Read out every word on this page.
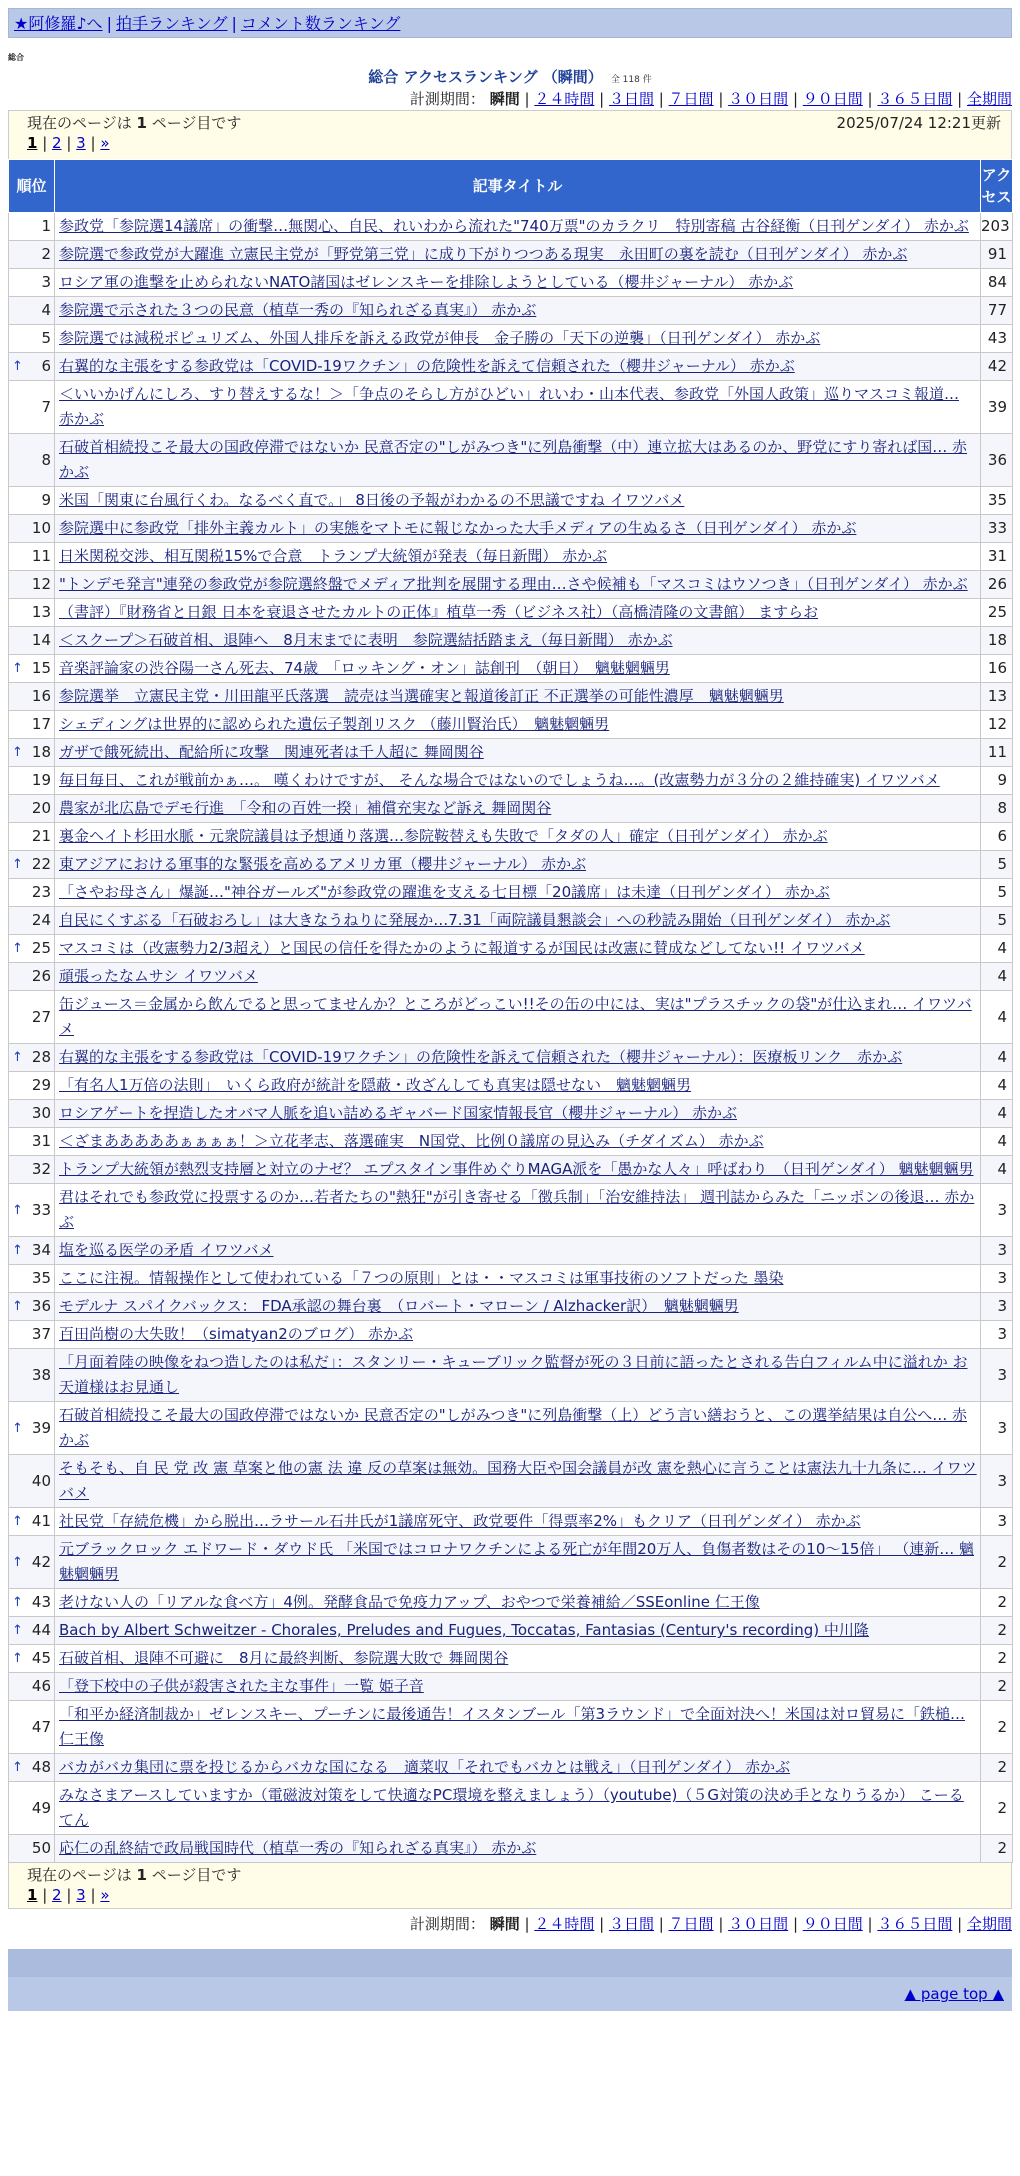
★阿修羅♪へ | 拍手ランキング | コメント数ランキング
総合
総合 アクセスランキング （瞬間） 全 118 件
計測期間： 瞬間 | ２４時間 | ３日間 | ７日間 | ３０日間 | ９０日間 | ３６５日間 | 全期間
現在のページは 1 ページ目です	2025/07/24 12:21更新
1 | 2 | 3 | »
順位	記事タイトル	アクセス
1	参政党「参院選14議席」の衝撃…無関心、自民、れいわから流れた"740万票"のカラクリ　特別寄稿 古谷経衡（日刊ゲンダイ） 赤かぶ	203
2	参院選で参政党が大躍進 立憲民主党が「野党第三党」に成り下がりつつある現実　永田町の裏を読む（日刊ゲンダイ） 赤かぶ	91
3	ロシア軍の進撃を止められないNATO諸国はゼレンスキーを排除しようとしている（櫻井ジャーナル） 赤かぶ	84
4	参院選で示された３つの民意（植草一秀の『知られざる真実』） 赤かぶ	77
5	参院選では減税ポピュリズム、外国人排斥を訴える政党が伸長　金子勝の「天下の逆襲」（日刊ゲンダイ） 赤かぶ	43

↑ 6	右翼的な主張をする参政党は「COVID-19ワクチン」の危険性を訴えて信頼された（櫻井ジャーナル） 赤かぶ	42
7	＜いいかげんにしろ、すり替えするな！＞「争点のそらし方がひどい」れいわ・山本代表、参政党「外国人政策」巡りマスコミ報道… 赤かぶ	39
8	石破首相続投こそ最大の国政停滞ではないか 民意否定の"しがみつき"に列島衝撃（中）連立拡大はあるのか、野党にすり寄れば国… 赤かぶ	36
9	米国「関東に台風行くわ。なるべく直で。」 8日後の予報がわかるの不思議ですね イワツバメ	35
10	参院選中に参政党「排外主義カルト」の実態をマトモに報じなかった大手メディアの生ぬるさ（日刊ゲンダイ） 赤かぶ	33
11	日米関税交渉、相互関税15%で合意　トランプ大統領が発表（毎日新聞） 赤かぶ	31
12	"トンデモ発言"連発の参政党が参院選終盤でメディア批判を展開する理由…さや候補も「マスコミはウソつき」（日刊ゲンダイ） 赤かぶ	26
13	（書評）『財務省と日銀 日本を衰退させたカルトの正体』植草一秀（ビジネス社）（高橋清隆の文書館） ますらお	25
14	＜スクープ＞石破首相、退陣へ　8月末までに表明　参院選結括踏まえ（毎日新聞） 赤かぶ	18

↑ 15	音楽評論家の渋谷陽一さん死去、74歳　「ロッキング・オン」誌創刊　（朝日）　魑魅魍魎男	16
16	参院選挙　立憲民主党・川田龍平氏落選　読売は当選確実と報道後訂正 不正選挙の可能性濃厚　魑魅魍魎男	13
17	シェディングは世界的に認められた遺伝子製剤リスク （藤川賢治氏）　魑魅魍魎男	12

↑ 18	ガザで餓死続出、配給所に攻撃　関連死者は千人超に 舞岡関谷	11
19	毎日毎日、これが戦前かぁ…。 嘆くわけですが、 そんな場合ではないのでしょうね…。(改憲勢力が３分の２維持確実) イワツバメ	9
20	農家が北広島でデモ行進　「令和の百姓一揆」補償充実など訴え 舞岡関谷	8
21	裏金ヘイト杉田水脈・元衆院議員は予想通り落選…参院鞍替えも失敗で「タダの人」確定（日刊ゲンダイ） 赤かぶ	6

↑ 22	東アジアにおける軍事的な緊張を高めるアメリカ軍（櫻井ジャーナル） 赤かぶ	5
23	「さやお母さん」爆誕…"神谷ガールズ"が参政党の躍進を支える七目標「20議席」は未達（日刊ゲンダイ） 赤かぶ	5
24	自民にくすぶる「石破おろし」は大きなうねりに発展か…7.31「両院議員懇談会」への秒読み開始（日刊ゲンダイ） 赤かぶ	5

↑ 25	マスコミは（改憲勢力2/3超え）と国民の信任を得たかのように報道するが国民は改憲に賛成などしてない!! イワツバメ	4
26	頑張ったなムサシ イワツバメ	4
27	缶ジュース＝金属から飲んでると思ってませんか？ところがどっこい!!その缶の中には、実は"プラスチックの袋"が仕込まれ… イワツバメ	4

↑ 28	右翼的な主張をする参政党は「COVID-19ワクチン」の危険性を訴えて信頼された（櫻井ジャーナル）：医療板リンク　赤かぶ	4
29	「有名人1万倍の法則」　いくら政府が統計を隠蔽・改ざんしても真実は隠せない　魑魅魍魎男	4
30	ロシアゲートを捏造したオバマ人脈を追い詰めるギャバード国家情報長官（櫻井ジャーナル） 赤かぶ	4
31	＜ざまあああああぁぁぁぁ！＞立花孝志、落選確実　N国党、比例０議席の見込み（チダイズム） 赤かぶ	4
32	トランプ大統領が熱烈支持層と対立のナゼ？ エプスタイン事件めぐりMAGA派を「愚かな人々」呼ばわり　（日刊ゲンダイ） 魑魅魍魎男	4

↑ 33	君はそれでも参政党に投票するのか…若者たちの"熱狂"が引き寄せる「徴兵制」「治安維持法」 週刊誌からみた「ニッポンの後退… 赤かぶ	3

↑ 34	塩を巡る医学の矛盾 イワツバメ	3
35	ここに注視。情報操作として使われている「７つの原則」とは・・マスコミは軍事技術のソフトだった 墨染	3

↑ 36	モデルナ スパイクバックス： FDA承認の舞台裏　（ロバート・マローン / Alzhacker訳）　魑魅魍魎男	3
37	百田尚樹の大失敗！（simatyan2のブログ） 赤かぶ	3
38	「月面着陸の映像をねつ造したのは私だ」：スタンリー・キューブリック監督が死の３日前に語ったとされる告白フィルム中に溢れか お天道様はお見通し	3

↑ 39	石破首相続投こそ最大の国政停滞ではないか 民意否定の"しがみつき"に列島衝撃（上）どう言い繕おうと、この選挙結果は自公へ… 赤かぶ	3
40	そもそも、自 民 党 改 憲 草案と他の憲 法 違 反の草案は無効。国務大臣や国会議員が改 憲を熱心に言うことは憲法九十九条に… イワツバメ	3

↑ 41	社民党「存続危機」から脱出…ラサール石井氏が1議席死守、政党要件「得票率2%」もクリア（日刊ゲンダイ） 赤かぶ	3

↑ 42	元ブラックロック エドワード・ダウド氏 「米国ではコロナワクチンによる死亡が年間20万人、負傷者数はその10～15倍」 （連新… 魑魅魍魎男	2

↑ 43	老けない人の「リアルな食べ方」4例。発酵食品で免疫力アップ、おやつで栄養補給／SSEonline 仁王像	2

↑ 44	Bach by Albert Schweitzer - Chorales, Preludes and Fugues, Toccatas, Fantasias (Century's recording) 中川隆	2

↑ 45	石破首相、退陣不可避に　8月に最終判断、参院選大敗で 舞岡関谷	2
46	「登下校中の子供が殺害された主な事件」一覧 姫子音	2
47	「和平か経済制裁か」ゼレンスキー、プーチンに最後通告！イスタンブール「第3ラウンド」で全面対決へ！米国は対ロ貿易に「鉄槌… 仁王像	2

↑ 48	バカがバカ集団に票を投じるからバカな国になる　適菜収「それでもバカとは戦え」（日刊ゲンダイ） 赤かぶ	2
49	みなさまアースしていますか（電磁波対策をして快適なPC環境を整えましょう）（youtube)（５G対策の決め手となりうるか） こーるてん	2
50	応仁の乱終結で政局戦国時代（植草一秀の『知られざる真実』） 赤かぶ	2
現在のページは 1 ページ目です
1 | 2 | 3 | »
計測期間： 瞬間 | ２４時間 | ３日間 | ７日間 | ３０日間 | ９０日間 | ３６５日間 | 全期間
▲ page top ▲
